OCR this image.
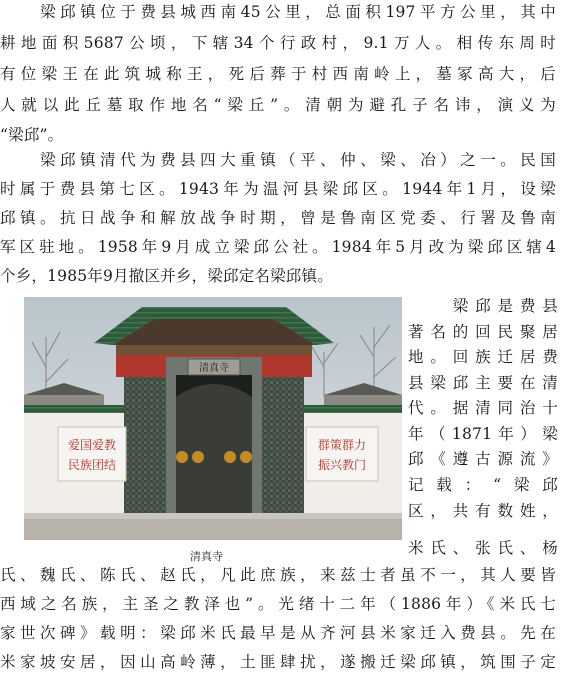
　　梁邱镇位于费县城西南45公里，总面积197平方公里，其中
耕地面积5687公顷，下辖34个行政村，9.1万人。相传东周时
有位梁王在此筑城称王，死后葬于村西南岭上，墓冢高大，后
人就以此丘墓取作地名“梁丘”。清朝为避孔子名讳，演义为
“梁邱”。
　　梁邱镇清代为费县四大重镇（平、仲、梁、冶）之一。民国
时属于费县第七区。1943年为温河县梁邱区。1944年1月，设梁
邱镇。抗日战争和解放战争时期，曾是鲁南区党委、行署及鲁南
军区驻地。1958年9月成立梁邱公社。1984年5月改为梁邱区辖4
个乡，1985年9月撤区并乡，梁邱定名梁邱镇。
　　梁邱是费县
著名的回民聚居
地。回族迁居费
县梁邱主要在清
代。据清同治十
年（1871年）梁
邱《遵古源流》
记载：“梁邱
区，共有数姓，
米氏、张氏、杨
氏、魏氏、陈氏、赵氏，凡此庶族，来兹士者虽不一，其人要皆
西域之名族，主圣之教泽也”。光绪十二年（1886年）《米氏七
家世次碑》载明：梁邱米氏最早是从齐河县米家迁入费县。先在
米家坡安居，因山高岭薄，土匪肆扰，遂搬迁梁邱镇，筑围子定
清真寺
爱国爱教
民族团结
群策群力
振兴教门
清真寺
